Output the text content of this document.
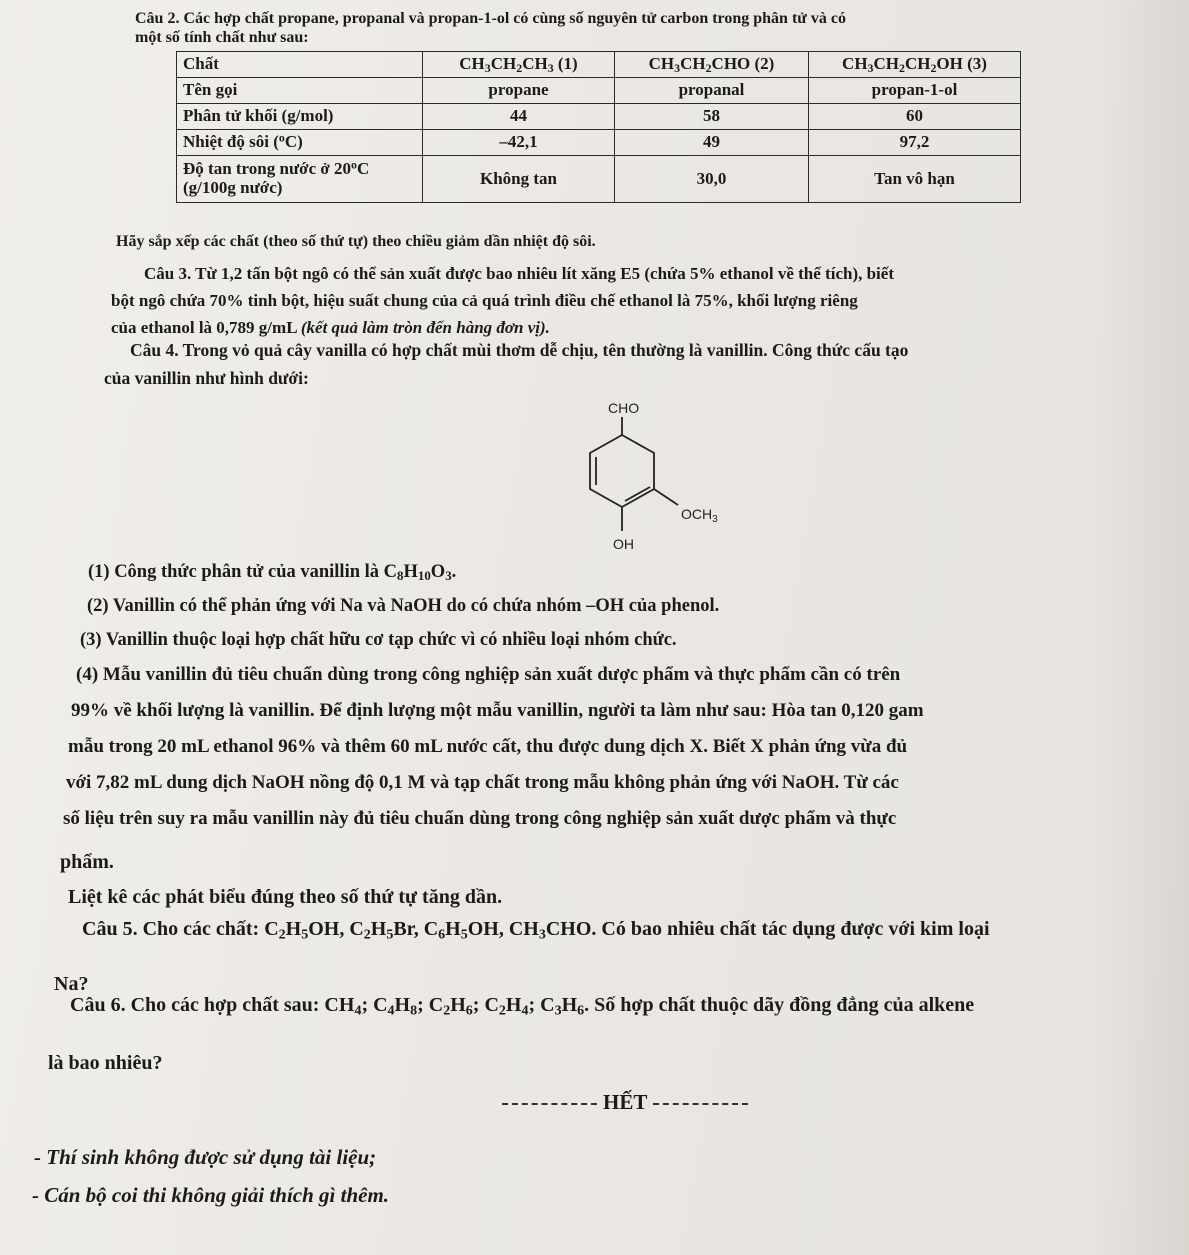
Câu 2. Các hợp chất propane, propanal và propan-1-ol có cùng số nguyên tử carbon trong phân tử và có
một số tính chất như sau:
Chất	$CH_3CH_2CH_3$ (1)	$CH_3CH_2CHO$ (2)	$CH_3CH_2CH_2OH$ (3)
Tên gọi	propane	propanal	propan-1-ol
Phân tử khối (g/mol)	44	58	60
Nhiệt độ sôi ($^o$C)	–42,1	49	97,2
Độ tan trong nước ở 20$^o$C
(g/100g nước)	Không tan	30,0	Tan vô hạn
Hãy sắp xếp các chất (theo số thứ tự) theo chiều giảm dần nhiệt độ sôi.
Câu 3. Từ 1,2 tấn bột ngô có thể sản xuất được bao nhiêu lít xăng E5 (chứa 5% ethanol về thể tích), biết
bột ngô chứa 70% tinh bột, hiệu suất chung của cả quá trình điều chế ethanol là 75%, khối lượng riêng
của ethanol là 0,789 g/mL (kết quả làm tròn đến hàng đơn vị).
Câu 4. Trong vỏ quả cây vanilla có hợp chất mùi thơm dễ chịu, tên thường là vanillin. Công thức cấu tạo
của vanillin như hình dưới:
CHO
$OCH_3$
OH
(1) Công thức phân tử của vanillin là $C_8H_{10}O_3$.
(2) Vanillin có thể phản ứng với Na và NaOH do có chứa nhóm –OH của phenol.
(3) Vanillin thuộc loại hợp chất hữu cơ tạp chức vì có nhiều loại nhóm chức.
(4) Mẫu vanillin đủ tiêu chuẩn dùng trong công nghiệp sản xuất dược phẩm và thực phẩm cần có trên
99% về khối lượng là vanillin. Để định lượng một mẫu vanillin, người ta làm như sau: Hòa tan 0,120 gam
mẫu trong 20 mL ethanol 96% và thêm 60 mL nước cất, thu được dung dịch X. Biết X phản ứng vừa đủ
với 7,82 mL dung dịch NaOH nồng độ 0,1 M và tạp chất trong mẫu không phản ứng với NaOH. Từ các
số liệu trên suy ra mẫu vanillin này đủ tiêu chuẩn dùng trong công nghiệp sản xuất dược phẩm và thực
phẩm.
Liệt kê các phát biểu đúng theo số thứ tự tăng dần.
Câu 5. Cho các chất: $C_2H_5OH$, $C_2H_5Br$, $C_6H_5OH$, $CH_3CHO$. Có bao nhiêu chất tác dụng được với kim loại
Na?
Câu 6. Cho các hợp chất sau: $CH_4$; $C_4H_8$; $C_2H_6$; $C_2H_4$; $C_3H_6$. Số hợp chất thuộc dãy đồng đẳng của alkene
là bao nhiêu?
HẾT
- Thí sinh không được sử dụng tài liệu;
- Cán bộ coi thi không giải thích gì thêm.
